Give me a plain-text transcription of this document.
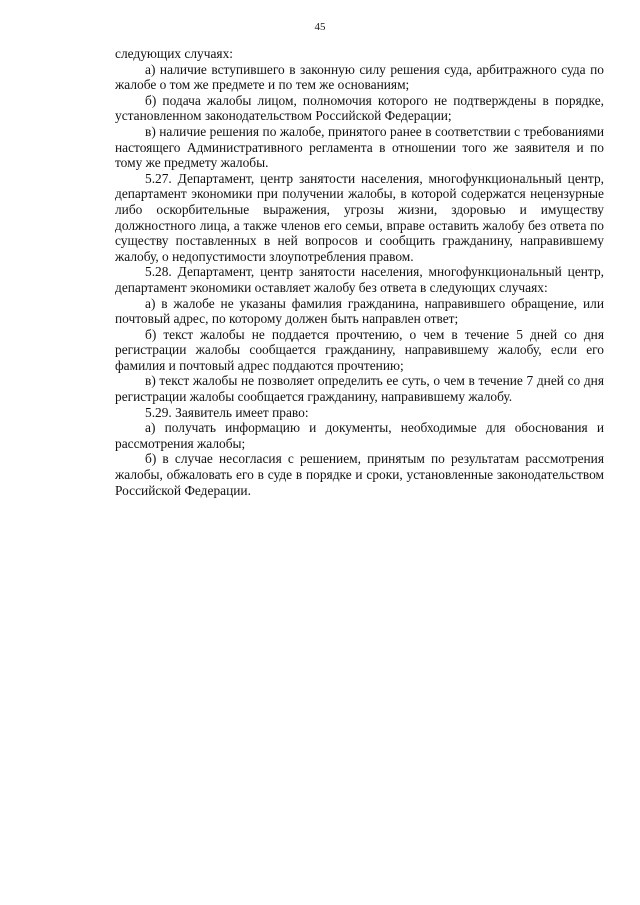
45

следующих случаях:

а) наличие вступившего в законную силу решения суда, арбитражного суда по жалобе о том же предмете и по тем же основаниям;

б) подача жалобы лицом, полномочия которого не подтверждены в порядке, установленном законодательством Российской Федерации;

в) наличие решения по жалобе, принятого ранее в соответствии с требованиями настоящего Административного регламента в отношении того же заявителя и по тому же предмету жалобы.

5.27. Департамент, центр занятости населения, многофункциональный центр, департамент экономики при получении жалобы, в которой содержатся нецензурные либо оскорбительные выражения, угрозы жизни, здоровью и имуществу должностного лица, а также членов его семьи, вправе оставить жалобу без ответа по существу поставленных в ней вопросов и сообщить гражданину, направившему жалобу, о недопустимости злоупотребления правом.

5.28. Департамент, центр занятости населения, многофункциональный центр, департамент экономики оставляет жалобу без ответа в следующих случаях:

а) в жалобе не указаны фамилия гражданина, направившего обращение, или почтовый адрес, по которому должен быть направлен ответ;

б) текст жалобы не поддается прочтению, о чем в течение 5 дней со дня регистрации жалобы сообщается гражданину, направившему жалобу, если его фамилия и почтовый адрес поддаются прочтению;

в) текст жалобы не позволяет определить ее суть, о чем в течение 7 дней со дня регистрации жалобы сообщается гражданину, направившему жалобу.

5.29. Заявитель имеет право:

а) получать информацию и документы, необходимые для обоснования и рассмотрения жалобы;

б) в случае несогласия с решением, принятым по результатам рассмотрения жалобы, обжаловать его в суде в порядке и сроки, установленные законодательством Российской Федерации.
